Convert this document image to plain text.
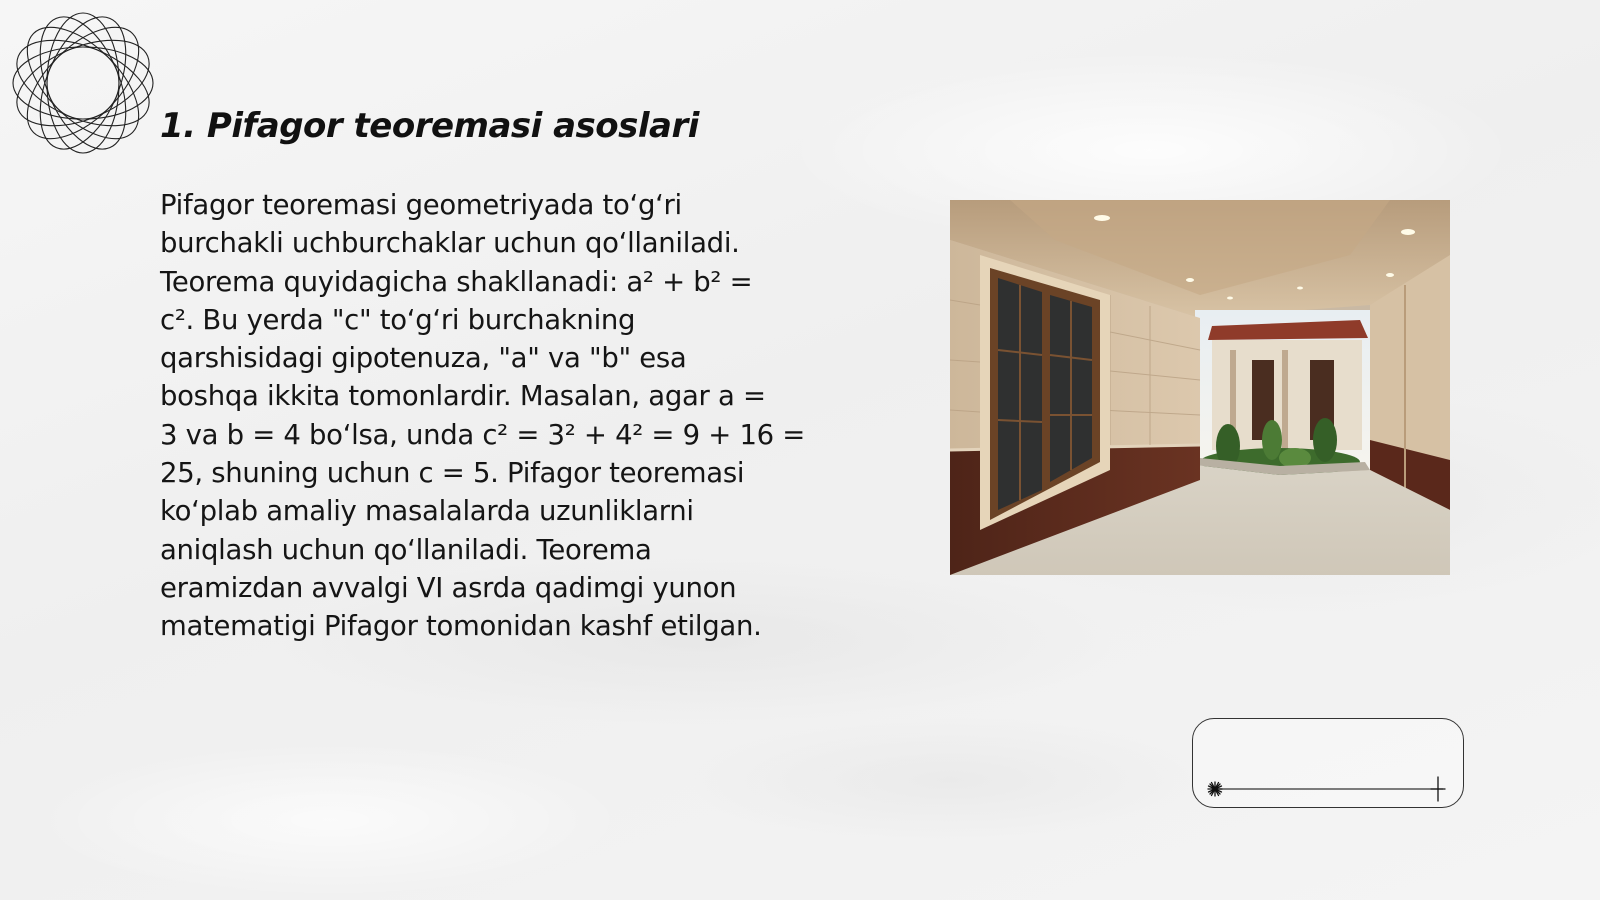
1. Pifagor teoremasi asoslari

Pifagor teoremasi geometriyada to‘g‘ri
burchakli uchburchaklar uchun qo‘llaniladi.
Teorema quyidagicha shakllanadi: a² + b² =
c². Bu yerda "c" to‘g‘ri burchakning
qarshisidagi gipotenuza, "a" va "b" esa
boshqa ikkita tomonlardir. Masalan, agar a =
3 va b = 4 bo‘lsa, unda c² = 3² + 4² = 9 + 16 =
25, shuning uchun c = 5. Pifagor teoremasi
ko‘plab amaliy masalalarda uzunliklarni
aniqlash uchun qo‘llaniladi. Teorema
eramizdan avvalgi VI asrda qadimgi yunon
matematigi Pifagor tomonidan kashf etilgan.
